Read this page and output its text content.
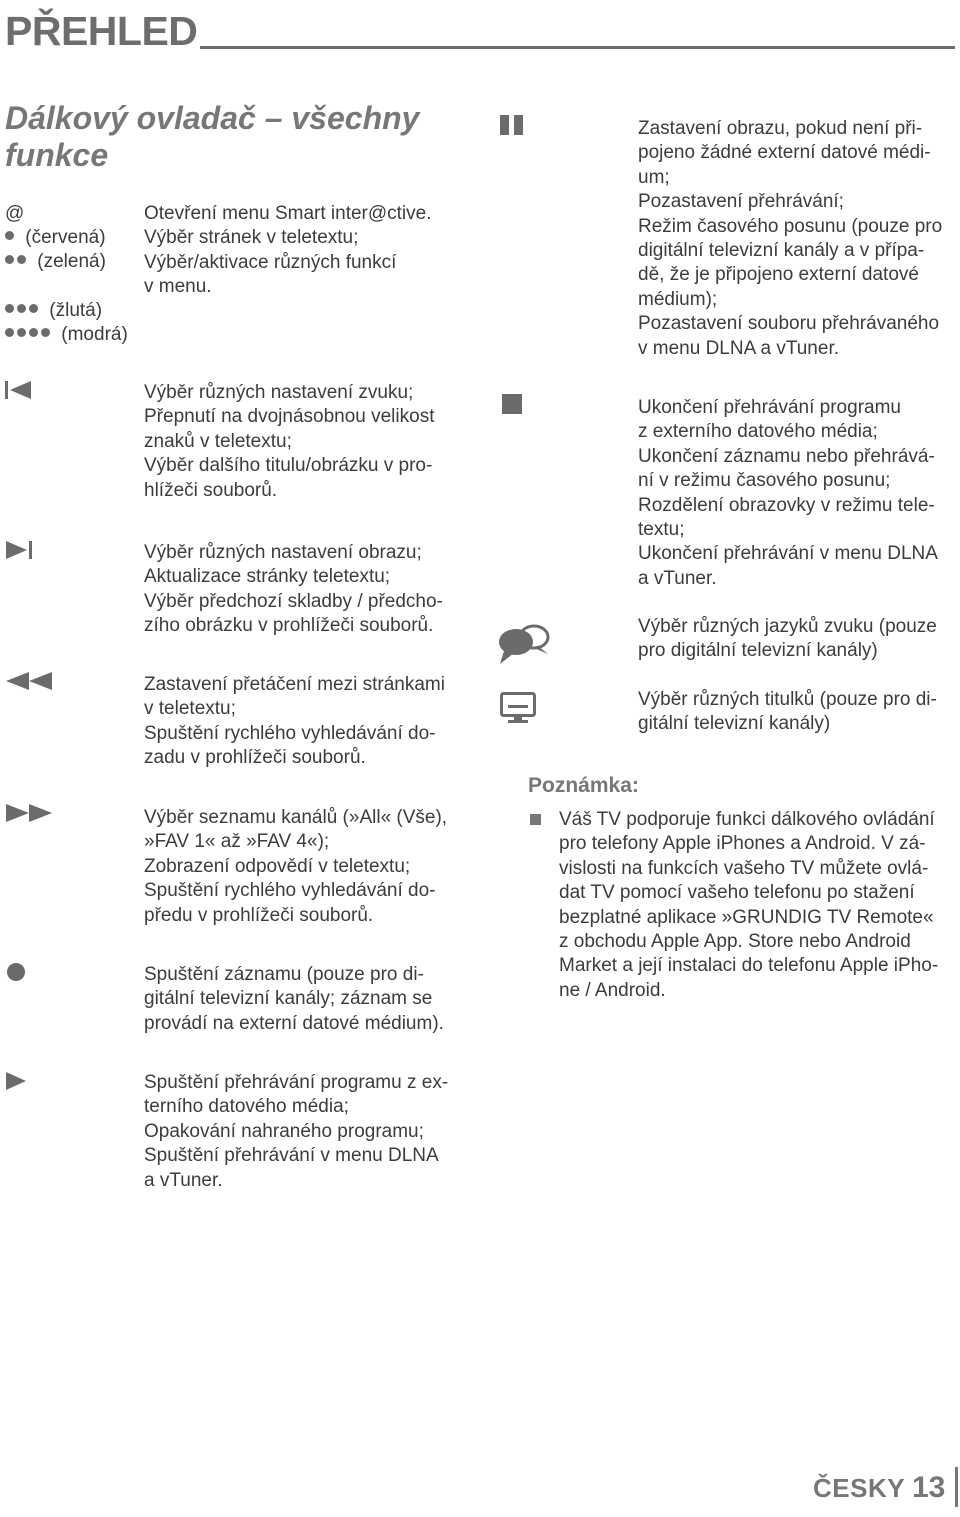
PŘEHLED
Dálkový ovladač – všechny
funkce
@
(červená)
(zelená)
(žlutá)
(modrá)
Otevření menu Smart inter@ctive.
Výběr stránek v teletextu;
Výběr/aktivace různých funkcí
v menu.
Výběr různých nastavení zvuku;
Přepnutí na dvojnásobnou velikost
znaků v teletextu;
Výběr dalšího titulu/obrázku v pro-
hlížeči souborů.
Výběr různých nastavení obrazu;
Aktualizace stránky teletextu;
Výběr předchozí skladby / předcho-
zího obrázku v prohlížeči souborů.
Zastavení přetáčení mezi stránkami
v teletextu;
Spuštění rychlého vyhledávání do-
zadu v prohlížeči souborů.
Výběr seznamu kanálů (»All« (Vše),
»FAV 1« až »FAV 4«);
Zobrazení odpovědí v teletextu;
Spuštění rychlého vyhledávání do-
předu v prohlížeči souborů.
Spuštění záznamu (pouze pro di-
gitální televizní kanály; záznam se
provádí na externí datové médium).
Spuštění přehrávání programu z ex-
terního datového média;
Opakování nahraného programu;
Spuštění přehrávání v menu DLNA
a vTuner.
Zastavení obrazu, pokud není při-
pojeno žádné externí datové médi-
um;
Pozastavení přehrávání;
Režim časového posunu (pouze pro
digitální televizní kanály a v přípa-
dě, že je připojeno externí datové
médium);
Pozastavení souboru přehrávaného
v menu DLNA a vTuner.
Ukončení přehrávání programu
z externího datového média;
Ukončení záznamu nebo přehrává-
ní v režimu časového posunu;
Rozdělení obrazovky v režimu tele-
textu;
Ukončení přehrávání v menu DLNA
a vTuner.
Výběr různých jazyků zvuku (pouze
pro digitální televizní kanály)
Výběr různých titulků (pouze pro di-
gitální televizní kanály)
Poznámka:
Váš TV podporuje funkci dálkového ovládání
pro telefony Apple iPhones a Android. V zá-
vislosti na funkcích vašeho TV můžete ovlá-
dat TV pomocí vašeho telefonu po stažení
bezplatné aplikace »GRUNDIG TV Remote«
z obchodu Apple App. Store nebo Android
Market a její instalaci do telefonu Apple iPho-
ne / Android.
ČESKY 13
